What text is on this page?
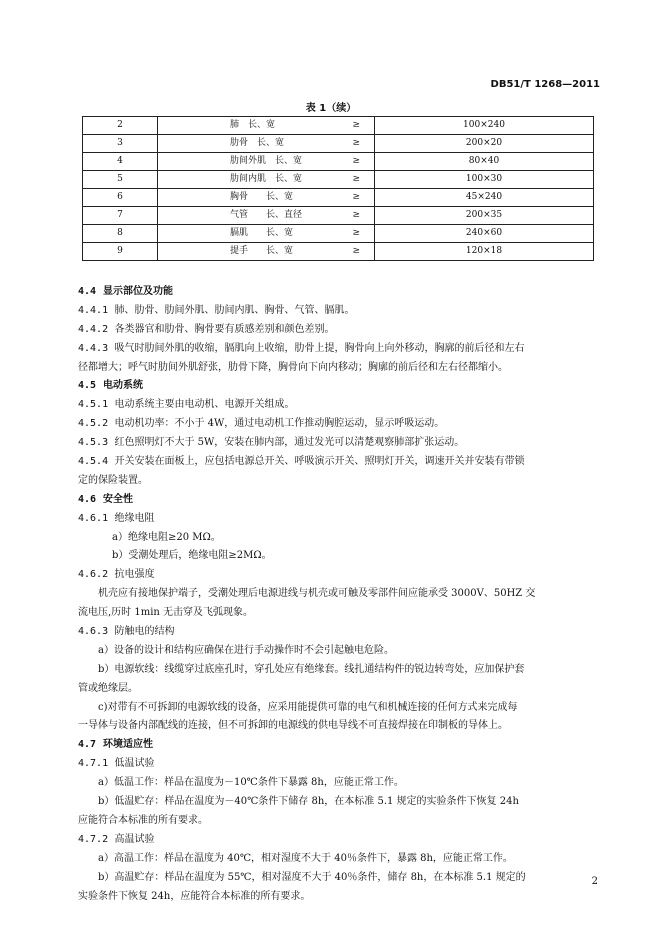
DB51/T 1268—2011
表 1（续）
2	肺　长、宽 ≥	100×240
3	肋骨　长、宽 ≥	200×20
4	肋间外肌　长、宽 ≥	80×40
5	肋间内肌　长、宽 ≥	100×30
6	胸骨　　长、宽 ≥	45×240
7	气管　　长、直径 ≥	200×35
8	膈肌　　长、宽 ≥	240×60
9	提手　　长、宽 ≥	120×18
4.4 显示部位及功能
4.4.1 肺、肋骨、肋间外肌、肋间内肌、胸骨、气管、膈肌。
4.4.2 各类器官和肋骨、胸骨要有质感差别和颜色差别。
4.4.3 吸气时肋间外肌的收缩，膈肌向上收缩，肋骨上提，胸骨向上向外移动，胸廓的前后径和左右
径都增大；呼气时肋间外肌舒张，肋骨下降，胸骨向下向内移动；胸廓的前后径和左右径都缩小。
4.5 电动系统
4.5.1 电动系统主要由电动机、电源开关组成。
4.5.2 电动机功率：不小于 4W，通过电动机工作推动胸腔运动，显示呼吸运动。
4.5.3 红色照明灯不大于 5W，安装在肺内部，通过发光可以清楚观察肺部扩张运动。
4.5.4 开关安装在面板上，应包括电源总开关、呼吸演示开关、照明灯开关，调速开关并安装有带锁
定的保险装置。
4.6 安全性
4.6.1 绝缘电阻
a）绝缘电阻≥20 MΩ。
b）受潮处理后，绝缘电阻≥2MΩ。
4.6.2 抗电强度
机壳应有接地保护端子，受潮处理后电源进线与机壳或可触及零部件间应能承受 3000V、50HZ 交
流电压,历时 1min 无击穿及飞弧现象。
4.6.3 防触电的结构
a）设备的设计和结构应确保在进行手动操作时不会引起触电危险。
b）电源软线：线缆穿过底座孔时，穿孔处应有绝缘套。线扎通结构件的锐边转弯处，应加保护套
管或绝缘层。
c)对带有不可拆卸的电源软线的设备，应采用能提供可靠的电气和机械连接的任何方式来完成每
一导体与设备内部配线的连接，但不可拆卸的电源线的供电导线不可直接焊接在印制板的导体上。
4.7 环境适应性
4.7.1 低温试验
a）低温工作：样品在温度为－10℃条件下暴露 8h，应能正常工作。
b）低温贮存：样品在温度为－40℃条件下储存 8h，在本标准 5.1 规定的实验条件下恢复 24h
应能符合本标准的所有要求。
4.7.2 高温试验
a）高温工作：样品在温度为 40℃，相对湿度不大于 40％条件下，暴露 8h，应能正常工作。
b）高温贮存：样品在温度为 55℃，相对湿度不大于 40％条件，储存 8h，在本标准 5.1 规定的
实验条件下恢复 24h，应能符合本标准的所有要求。
2
